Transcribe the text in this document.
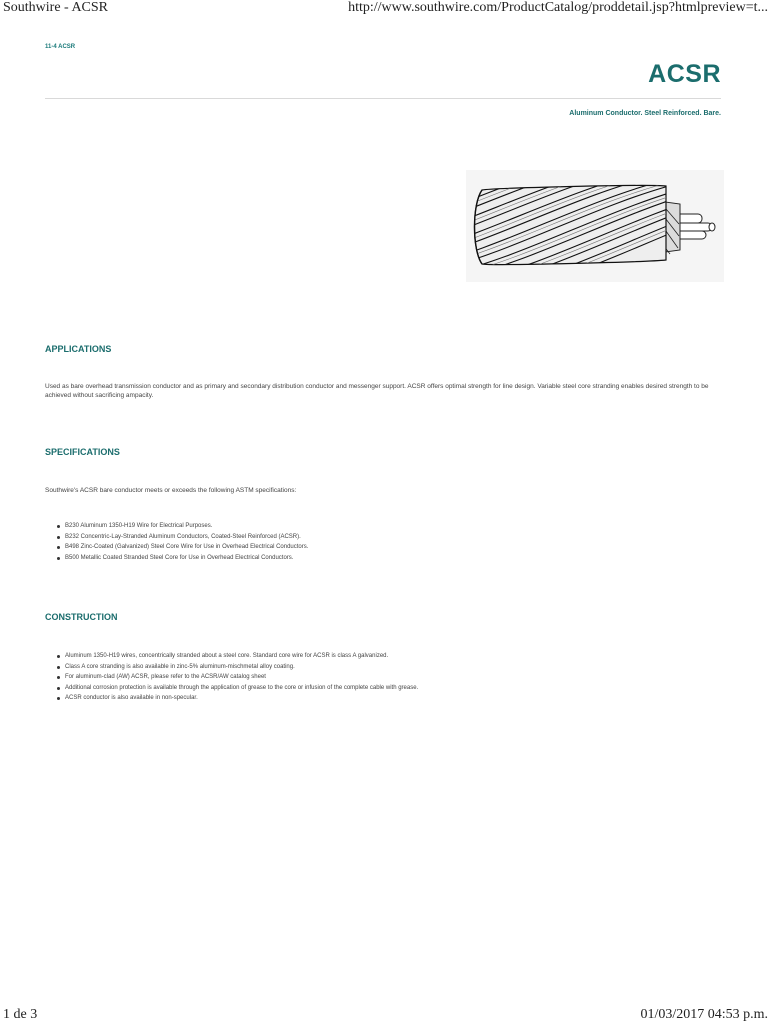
Southwire - ACSR	http://www.southwire.com/ProductCatalog/proddetail.jsp?htmlpreview=t...
11-4 ACSR
ACSR
Aluminum Conductor. Steel Reinforced. Bare.
APPLICATIONS

Used as bare overhead transmission conductor and as primary and secondary distribution conductor and messenger support. ACSR offers optimal strength for line design. Variable steel core stranding enables desired strength to be achieved without sacrificing ampacity.

SPECIFICATIONS

Southwire's ACSR bare conductor meets or exceeds the following ASTM specifications:

B230 Aluminum 1350-H19 Wire for Electrical Purposes.
B232 Concentric-Lay-Stranded Aluminum Conductors, Coated-Steel Reinforced (ACSR).
B498 Zinc-Coated (Galvanized) Steel Core Wire for Use in Overhead Electrical Conductors.
B500 Metallic Coated Stranded Steel Core for Use in Overhead Electrical Conductors.
CONSTRUCTION
Aluminum 1350-H19 wires, concentrically stranded about a steel core. Standard core wire for ACSR is class A galvanized.
Class A core stranding is also available in zinc-5% aluminum-mischmetal alloy coating.
For aluminum-clad (AW) ACSR, please refer to the ACSR/AW catalog sheet
Additional corrosion protection is available through the application of grease to the core or infusion of the complete cable with grease.
ACSR conductor is also available in non-specular.
1 de 3	01/03/2017 04:53 p.m.
